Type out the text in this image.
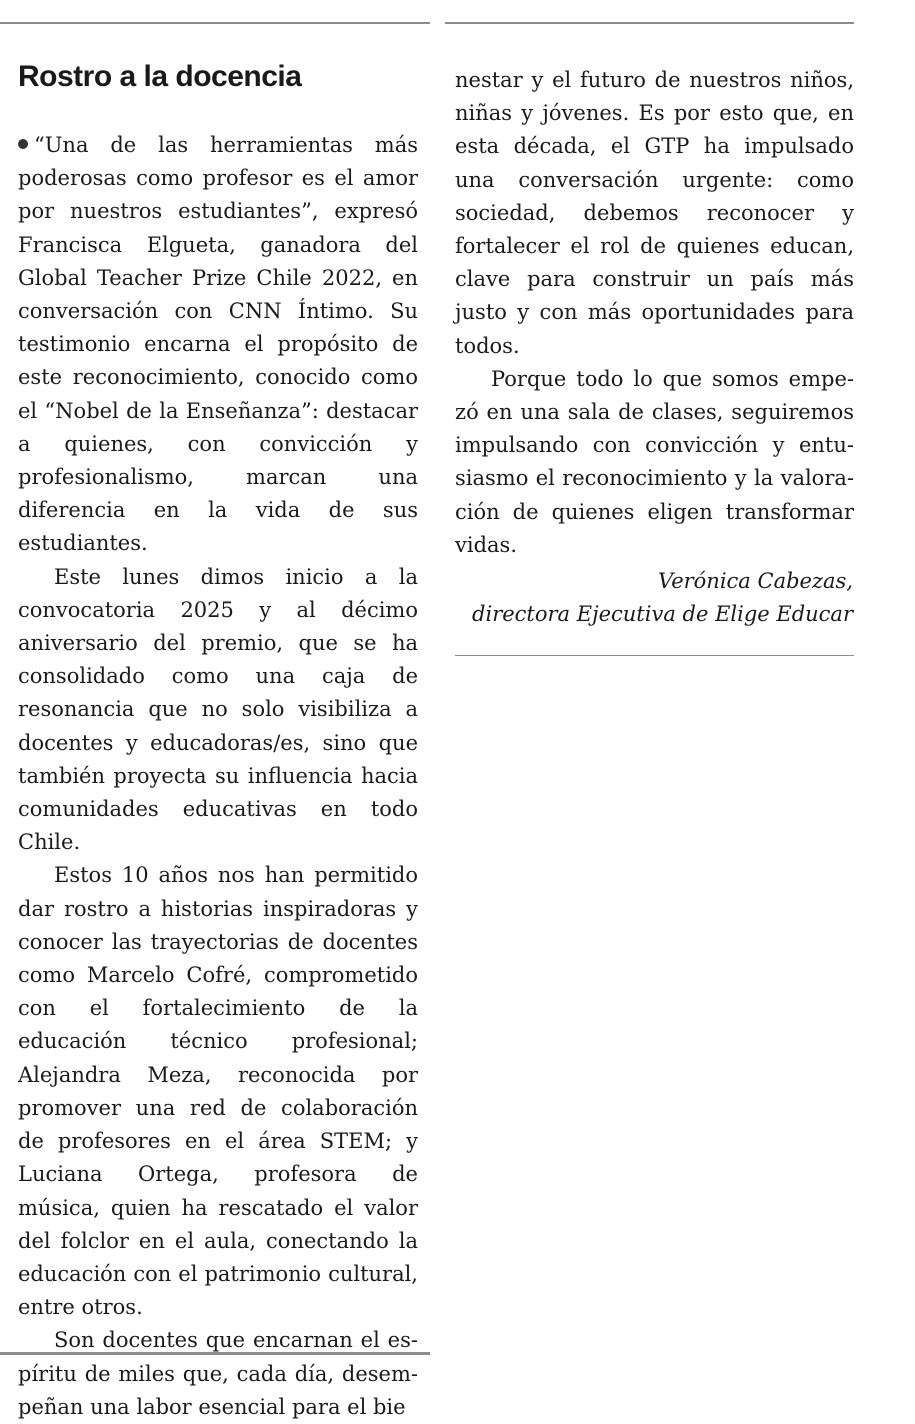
Rostro a la docencia

“Una de las herramientas más poderosas como profesor es el amor por nuestros estudiantes”, expresó Francisca Elgueta, ganadora del Global Teacher Prize Chile 2022, en conversación con CNN Íntimo. Su testimonio encarna el propósito de este reconocimiento, conocido como el “Nobel de la Enseñanza”: destacar a quienes, con convicción y profesionalismo, marcan una diferencia en la vida de sus estudiantes.

Este lunes dimos inicio a la convocatoria 2025 y al décimo aniversario del premio, que se ha consolidado como una caja de resonancia que no solo visibiliza a docentes y educadoras/es, sino que también proyecta su influencia hacia comunidades educativas en todo Chile.

Estos 10 años nos han permitido dar rostro a historias inspiradoras y conocer las trayectorias de docentes como Marcelo Cofré, comprometido con el fortalecimiento de la educación técnico profesional; Alejandra Meza, reconocida por promover una red de colaboración de profesores en el área STEM; y Luciana Ortega, profesora de música, quien ha rescatado el valor del folclor en el aula, conectando la educación con el patrimonio cultural, entre otros.

Son docentes que encarnan el espíritu de miles que, cada día, desempeñan una labor esencial para el bie

nestar y el futuro de nuestros niños, niñas y jóvenes. Es por esto que, en esta década, el GTP ha impulsado una conversación urgente: como sociedad, debemos reconocer y fortalecer el rol de quienes educan, clave para construir un país más justo y con más oportunidades para todos.

Porque todo lo que somos empezó en una sala de clases, seguiremos impulsando con convicción y entusiasmo el reconocimiento y la valoración de quienes eligen transformar vidas.

Verónica Cabezas,
directora Ejecutiva de Elige Educar
